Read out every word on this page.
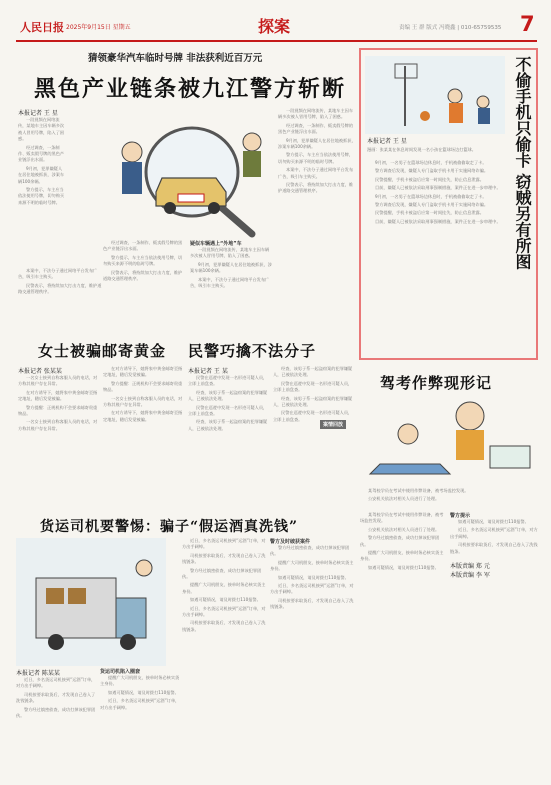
人民日报 2025年9月15日 星期五	探案	责编 王 群 版式 冯晓鑫 | 010-65759535 7
猜领豪华汽车临时号牌 非法获利近百万元
黑色产业链条被九江警方斩断
本报记者 王 星

一段视频在网络流传，某地车主因车辆多次被人冒用号牌，陷入了困惑。

经过调查，一条制作、贩卖假号牌的黑色产业链浮出水面。

9月初，犯罪嫌疑人在居住地被抓获，涉案车辆100余辆。

警方提示，车主应当依法使用号牌，切勿购买来源不明的临时号牌。

本案中，不法分子通过网络平台发布广告，吸引车主购买。

民警表示，将持续加大打击力度，维护道路交通管理秩序。

经过调查，一条制作、贩卖假号牌的黑色产业链浮出水面。

警方提示，车主应当依法使用号牌，切勿购买来源不明的临时号牌。

民警表示，将持续加大打击力度，维护道路交通管理秩序。

疑似车辆遇上“外地”车

一段视频在网络流传，某地车主因车辆多次被人冒用号牌，陷入了困惑。

9月初，犯罪嫌疑人在居住地被抓获，涉案车辆100余辆。

本案中，不法分子通过网络平台发布广告，吸引车主购买。

一段视频在网络流传，某地车主因车辆多次被人冒用号牌，陷入了困惑。

经过调查，一条制作、贩卖假号牌的黑色产业链浮出水面。

9月初，犯罪嫌疑人在居住地被抓获，涉案车辆100余辆。

警方提示，车主应当依法使用号牌，切勿购买来源不明的临时号牌。

本案中，不法分子通过网络平台发布广告，吸引车主购买。

民警表示，将持续加大打击力度，维护道路交通管理秩序。	不偷手机只偷卡 窃贼另有所图
本报记者 王 星
漫画：张某某在休息时间发现一名小孩在篮球场边打篮球。

9月初，一名男子在篮球场边休息时，手机被偷偷取走了卡。

警方调查后发现，嫌疑人专门盗取手机卡用于实施网络诈骗。

民警提醒，手机卡被盗后应第一时间挂失，防止信息泄露。

目前，嫌疑人已被依法采取刑事强制措施，案件正在进一步审理中。

9月初，一名男子在篮球场边休息时，手机被偷偷取走了卡。

警方调查后发现，嫌疑人专门盗取手机卡用于实施网络诈骗。

民警提醒，手机卡被盗后应第一时间挂失，防止信息泄露。

目前，嫌疑人已被依法采取刑事强制措施，案件正在进一步审理中。

女士被骗邮寄黄金 民警巧擒不法分子
本报记者 张某某

一名女士接到自称客服人员的电话，对方称其账户存在异常。

在对方诱导下，她将家中黄金邮寄至指定地址，随后发觉被骗。

警方提醒：正规机构不会要求邮寄贵重物品。

一名女士接到自称客服人员的电话，对方称其账户存在异常。

在对方诱导下，她将家中黄金邮寄至指定地址，随后发觉被骗。

警方提醒：正规机构不会要求邮寄贵重物品。

一名女士接到自称客服人员的电话，对方称其账户存在异常。

在对方诱导下，她将家中黄金邮寄至指定地址，随后发觉被骗。

本报记者 王 某

民警在巡逻中发现一名形迹可疑人员，立即上前盘查。

经查，该男子系一起盗窃案的犯罪嫌疑人，已被依法处理。

民警在巡逻中发现一名形迹可疑人员，立即上前盘查。

经查，该男子系一起盗窃案的犯罪嫌疑人，已被依法处理。

经查，该男子系一起盗窃案的犯罪嫌疑人，已被依法处理。

民警在巡逻中发现一名形迹可疑人员，立即上前盘查。

经查，该男子系一起盗窃案的犯罪嫌疑人，已被依法处理。

民警在巡逻中发现一名形迹可疑人员，立即上前盘查。

案情回放
驾考作弊现形记

某驾校学员在考试中使用作弊设备，被考场监控发现。

公安机关依法对相关人员进行了处理。

货运司机要警惕：骗子“假运酒真洗钱”
本报记者 陈某某

近日，多名货运司机接到“运酒”订单，对方出手阔绰。

司机按要求取货后，才发现自己卷入了洗钱链条。

警方经过缜密侦查，成功打掉该犯罪团伙。

货运司机陷入圈套

提醒广大司机朋友，接单时务必核实货主身份。

如遇可疑情况，请及时拨打110报警。

近日，多名货运司机接到“运酒”订单，对方出手阔绰。

近日，多名货运司机接到“运酒”订单，对方出手阔绰。

司机按要求取货后，才发现自己卷入了洗钱链条。

警方经过缜密侦查，成功打掉该犯罪团伙。

提醒广大司机朋友，接单时务必核实货主身份。

如遇可疑情况，请及时拨打110报警。

近日，多名货运司机接到“运酒”订单，对方出手阔绰。

司机按要求取货后，才发现自己卷入了洗钱链条。

警方及时破获案件

警方经过缜密侦查，成功打掉该犯罪团伙。

提醒广大司机朋友，接单时务必核实货主身份。

如遇可疑情况，请及时拨打110报警。

近日，多名货运司机接到“运酒”订单，对方出手阔绰。

司机按要求取货后，才发现自己卷入了洗钱链条。

某驾校学员在考试中使用作弊设备，被考场监控发现。

公安机关依法对相关人员进行了处理。

警方经过缜密侦查，成功打掉该犯罪团伙。

提醒广大司机朋友，接单时务必核实货主身份。

如遇可疑情况，请及时拨打110报警。

警方提示

如遇可疑情况，请及时拨打110报警。

近日，多名货运司机接到“运酒”订单，对方出手阔绰。

司机按要求取货后，才发现自己卷入了洗钱链条。

本版责编 郑 元
本版责编 李 军
